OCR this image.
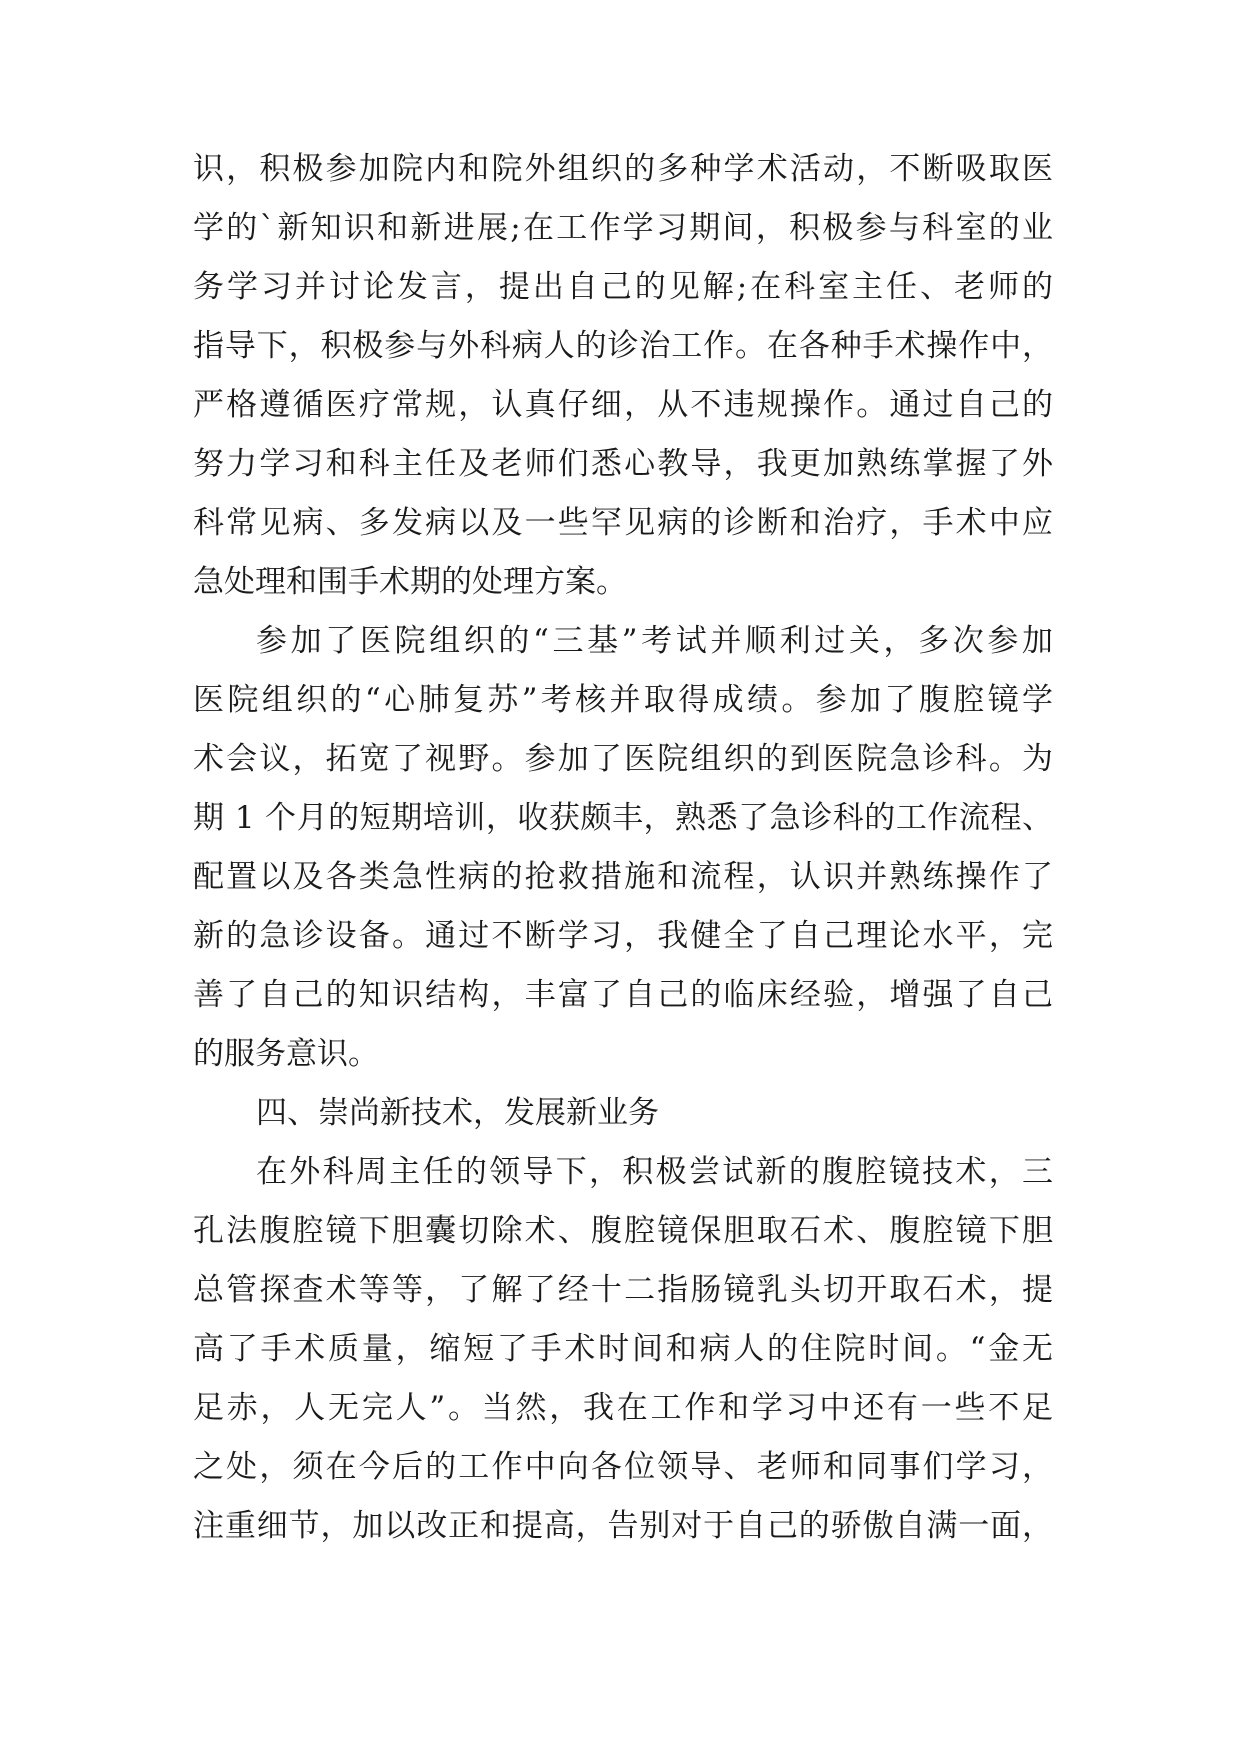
识，积极参加院内和院外组织的多种学术活动，不断吸取医
学的`新知识和新进展;在工作学习期间，积极参与科室的业
务学习并讨论发言，提出自己的见解;在科室主任、老师的
指导下，积极参与外科病人的诊治工作。在各种手术操作中，
严格遵循医疗常规，认真仔细，从不违规操作。通过自己的
努力学习和科主任及老师们悉心教导，我更加熟练掌握了外
科常见病、多发病以及一些罕见病的诊断和治疗，手术中应
急处理和围手术期的处理方案。
参加了医院组织的“三基”考试并顺利过关，多次参加
医院组织的“心肺复苏”考核并取得成绩。参加了腹腔镜学
术会议，拓宽了视野。参加了医院组织的到医院急诊科。为
期 1 个月的短期培训，收获颇丰，熟悉了急诊科的工作流程、
配置以及各类急性病的抢救措施和流程，认识并熟练操作了
新的急诊设备。通过不断学习，我健全了自己理论水平，完
善了自己的知识结构，丰富了自己的临床经验，增强了自己
的服务意识。
四、崇尚新技术，发展新业务
在外科周主任的领导下，积极尝试新的腹腔镜技术，三
孔法腹腔镜下胆囊切除术、腹腔镜保胆取石术、腹腔镜下胆
总管探查术等等，了解了经十二指肠镜乳头切开取石术，提
高了手术质量，缩短了手术时间和病人的住院时间。“金无
足赤，人无完人”。当然，我在工作和学习中还有一些不足
之处，须在今后的工作中向各位领导、老师和同事们学习，
注重细节，加以改正和提高，告别对于自己的骄傲自满一面，
